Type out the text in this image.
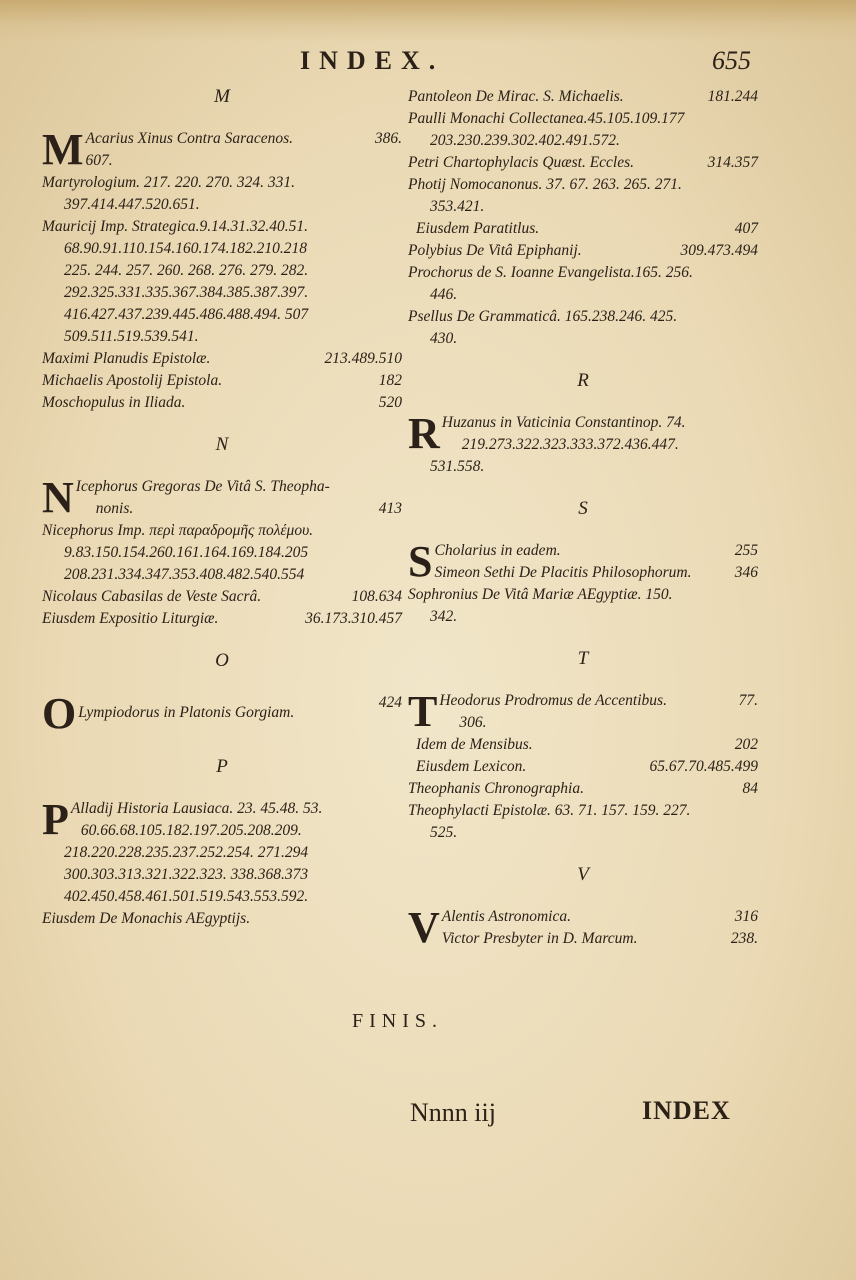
INDEX.	655
M
M Acarius Xinus Contra Saracenos.	386.
607.
Martyrologium. 217. 220. 270. 324. 331.
397.414.447.520.651.
Mauricij Imp. Strategica.9.14.31.32.40.51.
68.90.91.110.154.160.174.182.210.218
225. 244. 257. 260. 268. 276. 279. 282.
292.325.331.335.367.384.385.387.397.
416.427.437.239.445.486.488.494. 507
509.511.519.539.541.
Maximi Planudis Epistolæ.	213.489.510
Michaelis Apostolij Epistola.	182
Moschopulus in Iliada.	520
N
N Icephorus Gregoras De Vitâ S. Theopha-
nonis.	413
Nicephorus Imp. περὶ παραδρομῆς πολέμου.
9.83.150.154.260.161.164.169.184.205
208.231.334.347.353.408.482.540.554
Nicolaus Cabasilas de Veste Sacrâ.	108.634
Eiusdem Expositio Liturgiæ.	36.173.310.457
O
O Lympiodorus in Platonis Gorgiam.
424
P
P Alladij Historia Lausiaca. 23. 45.48. 53.
60.66.68.105.182.197.205.208.209.
218.220.228.235.237.252.254. 271.294
300.303.313.321.322.323. 338.368.373
402.450.458.461.501.519.543.553.592.
Eiusdem De Monachis AEgyptijs.
Pantoleon De Mirac. S. Michaelis.	181.244
Paulli Monachi Collectanea.45.105.109.177
203.230.239.302.402.491.572.
Petri Chartophylacis Quæst. Eccles.	314.357
Photij Nomocanonus. 37. 67. 263. 265. 271.
353.421.
Eiusdem Paratitlus.	407
Polybius De Vitâ Epiphanij.	309.473.494
Prochorus de S. Ioanne Evangelista.165. 256.
446.
Psellus De Grammaticâ. 165.238.246. 425.
430.
R
R Huzanus in Vaticinia Constantinop. 74.
219.273.322.323.333.372.436.447.
531.558.
S
S Cholarius in eadem.	255
Simeon Sethi De Placitis Philosophorum.	346
Sophronius De Vitâ Mariæ AEgyptiæ. 150.
342.
T
T Heodorus Prodromus de Accentibus.	77.
306.
Idem de Mensibus.	202
Eiusdem Lexicon.	65.67.70.485.499
Theophanis Chronographia.	84
Theophylacti Epistolæ. 63. 71. 157. 159. 227.
525.
V
V Alentis Astronomica.	316
Victor Presbyter in D. Marcum.	238.
FINIS.
Nnnn iij	INDEX
